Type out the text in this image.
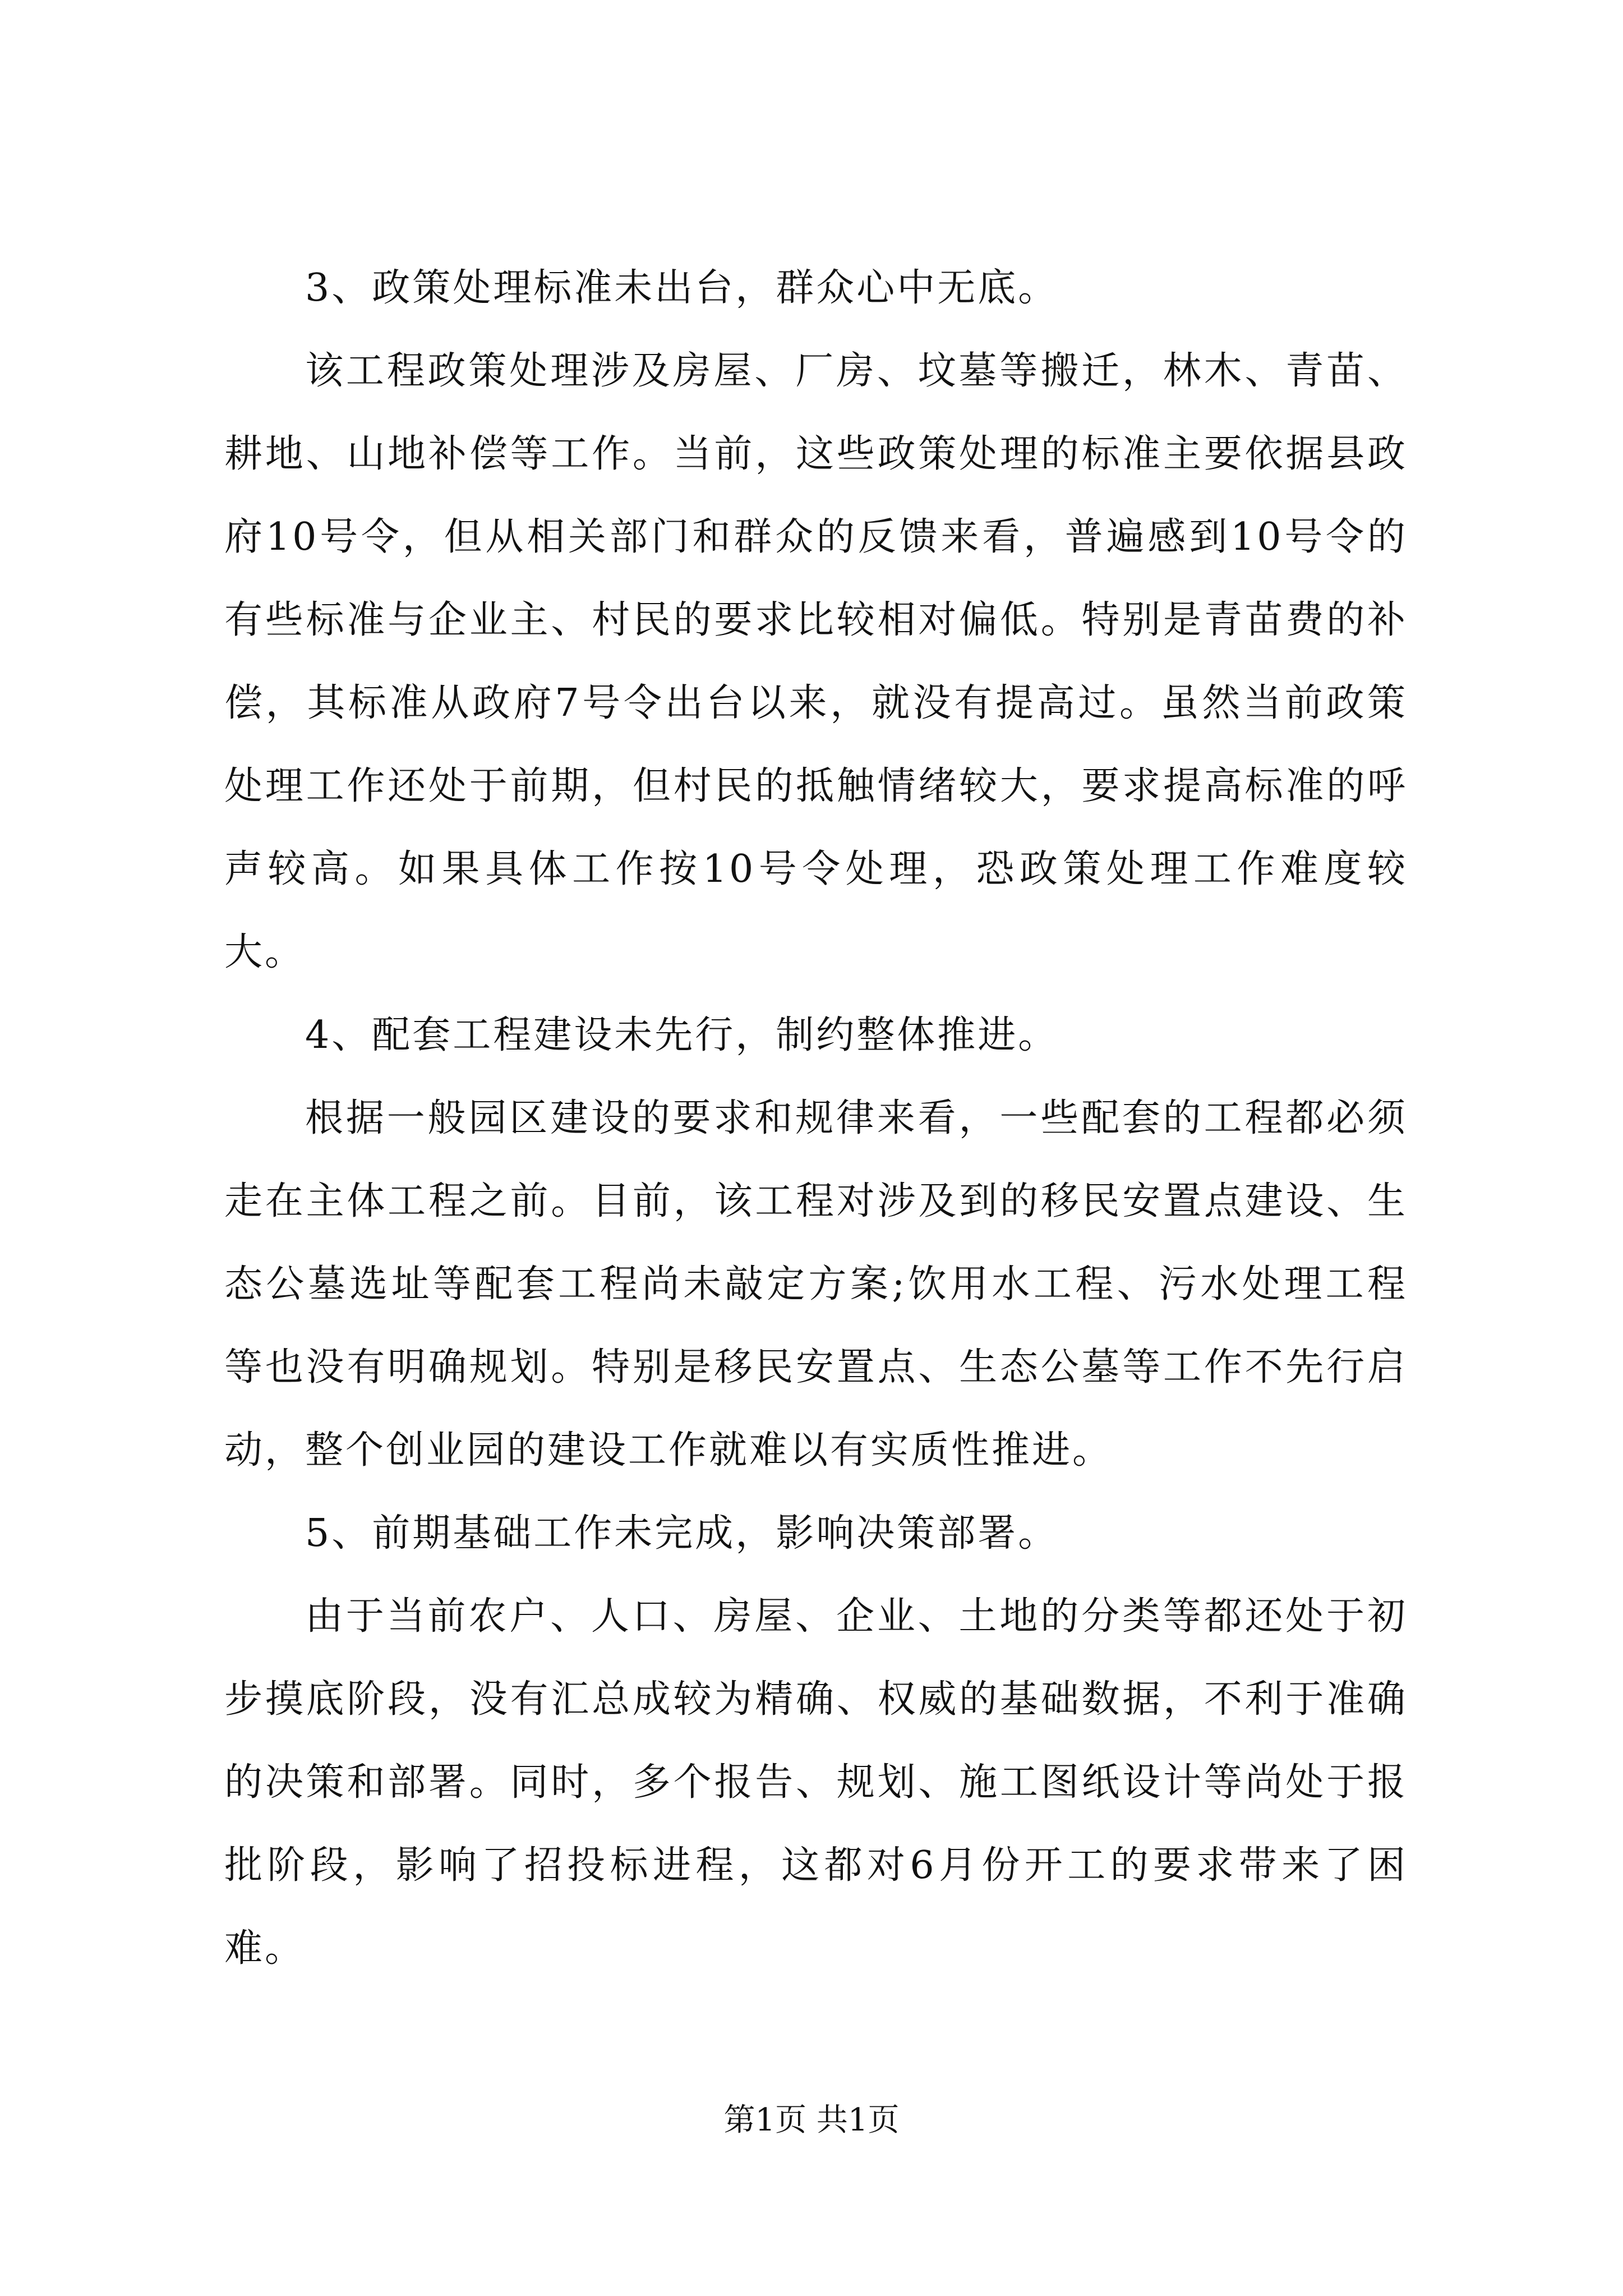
3、政策处理标准未出台，群众心中无底。

该工程政策处理涉及房屋、厂房、坟墓等搬迁，林木、青苗、耕地、山地补偿等工作。当前，这些政策处理的标准主要依据县政府10号令，但从相关部门和群众的反馈来看，普遍感到10号令的有些标准与企业主、村民的要求比较相对偏低。特别是青苗费的补偿，其标准从政府7号令出台以来，就没有提高过。虽然当前政策处理工作还处于前期，但村民的抵触情绪较大，要求提高标准的呼声较高。如果具体工作按10号令处理，恐政策处理工作难度较大。

4、配套工程建设未先行，制约整体推进。

根据一般园区建设的要求和规律来看，一些配套的工程都必须走在主体工程之前。目前，该工程对涉及到的移民安置点建设、生态公墓选址等配套工程尚未敲定方案;饮用水工程、污水处理工程等也没有明确规划。特别是移民安置点、生态公墓等工作不先行启动，整个创业园的建设工作就难以有实质性推进。

5、前期基础工作未完成，影响决策部署。

由于当前农户、人口、房屋、企业、土地的分类等都还处于初步摸底阶段，没有汇总成较为精确、权威的基础数据，不利于准确的决策和部署。同时，多个报告、规划、施工图纸设计等尚处于报批阶段，影响了招投标进程，这都对6月份开工的要求带来了困难。

第1页 共1页
